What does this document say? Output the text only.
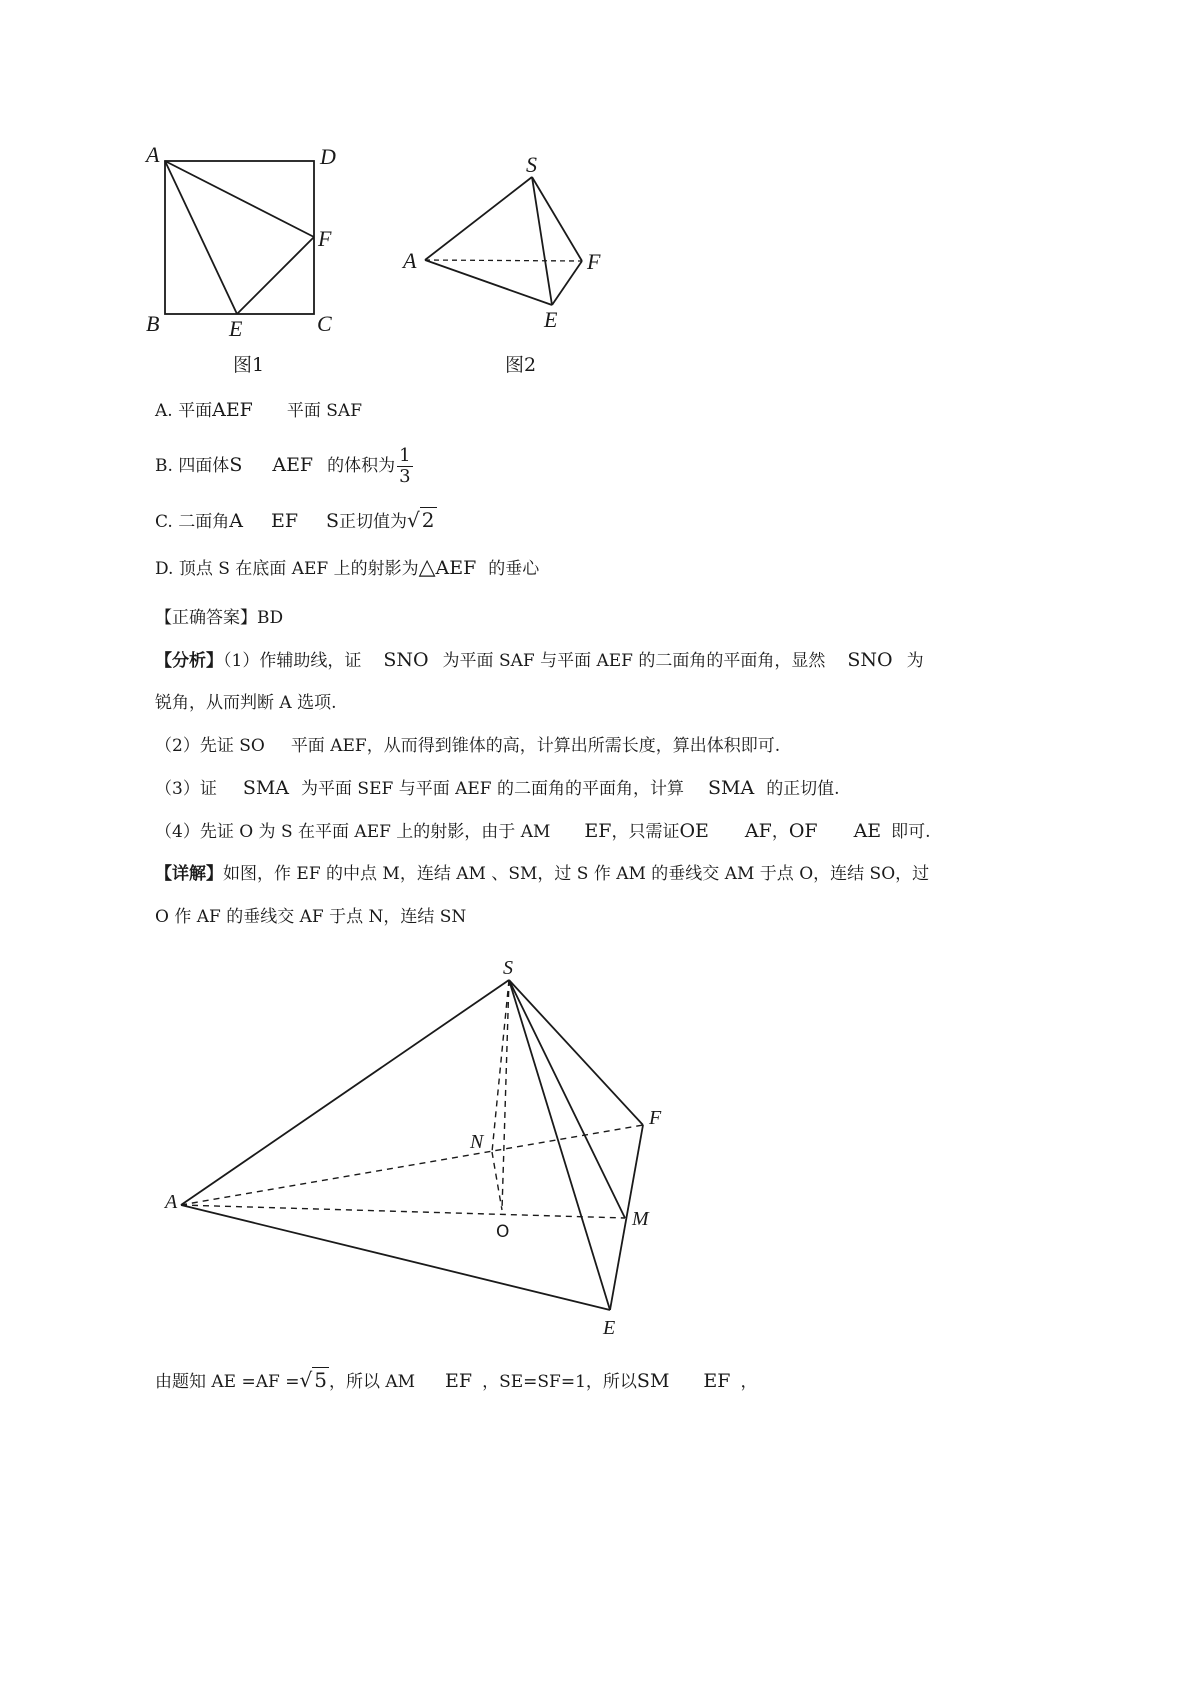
A	D
F
B	E	C
图1
S
A	F
E
图2
A. 平面AEF 平面 SAF
B. 四面体S AEF 的体积为 $\frac{1}{3}$
C. 二面角A EF S正切值为√ 2
D. 顶点 S 在底面 AEF 上的射影为△AEF 的垂心
【正确答案】BD
【分析】（1）作辅助线，证 SNO 为平面 SAF 与平面 AEF 的二面角的平面角，显然 SNO 为
锐角，从而判断 A 选项.
（2）先证 SO 平面 AEF，从而得到锥体的高，计算出所需长度，算出体积即可.
（3）证 SMA 为平面 SEF 与平面 AEF 的二面角的平面角，计算 SMA 的正切值.
（4）先证 O 为 S 在平面 AEF 上的射影，由于 AM EF，只需证OE AF，OF AE 即可.
【详解】如图，作 EF 的中点 M，连结 AM 、SM，过 S 作 AM 的垂线交 AM 于点 O，连结 SO，过
O 作 AF 的垂线交 AF 于点 N，连结 SN
S
N
F
A
O
M
E
由题知 AE =AF =√ 5 ，所以 AM EF ，SE=SF=1，所以SM EF ，
